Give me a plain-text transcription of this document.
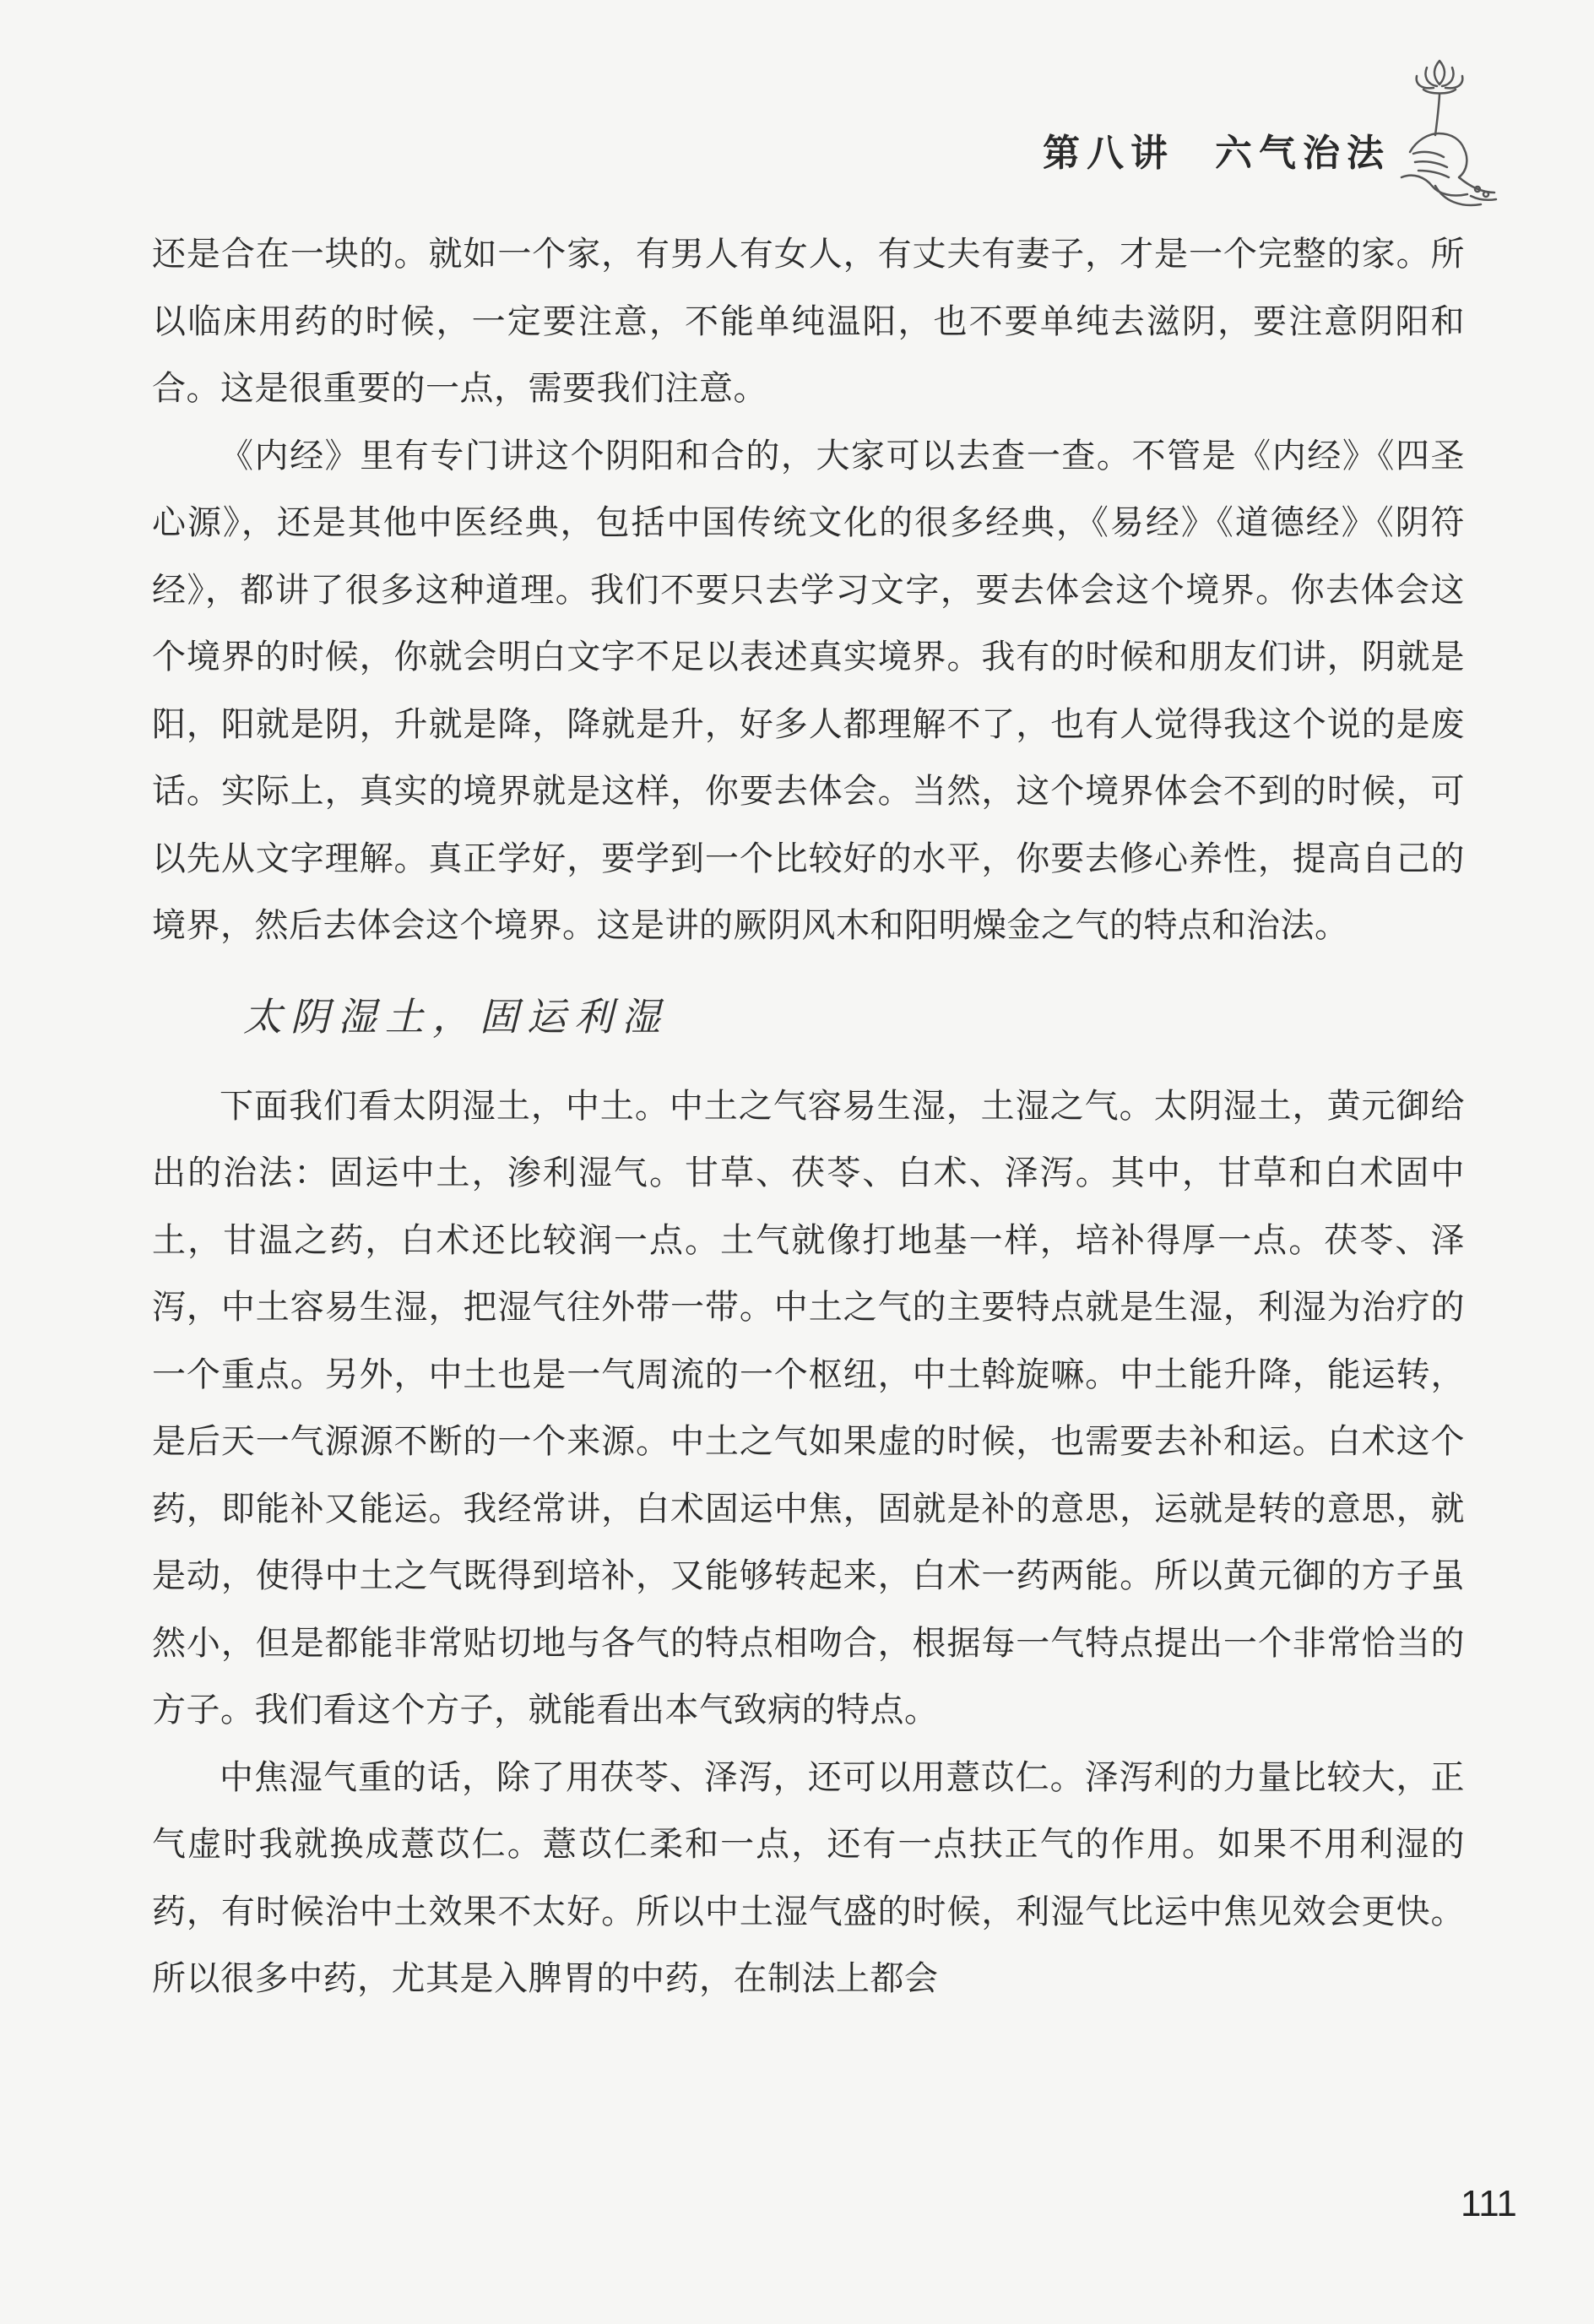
第八讲 六气治法

还是合在一块的。就如一个家，有男人有女人，有丈夫有妻子，才是一个完整的家。所以临床用药的时候，一定要注意，不能单纯温阳，也不要单纯去滋阴，要注意阴阳和合。这是很重要的一点，需要我们注意。

《内经》里有专门讲这个阴阳和合的，大家可以去查一查。不管是《内经》《四圣心源》，还是其他中医经典，包括中国传统文化的很多经典，《易经》《道德经》《阴符经》，都讲了很多这种道理。我们不要只去学习文字，要去体会这个境界。你去体会这个境界的时候，你就会明白文字不足以表述真实境界。我有的时候和朋友们讲，阴就是阳，阳就是阴，升就是降，降就是升，好多人都理解不了，也有人觉得我这个说的是废话。实际上，真实的境界就是这样，你要去体会。当然，这个境界体会不到的时候，可以先从文字理解。真正学好，要学到一个比较好的水平，你要去修心养性，提高自己的境界，然后去体会这个境界。这是讲的厥阴风木和阳明燥金之气的特点和治法。

太阴湿土，固运利湿

下面我们看太阴湿土，中土。中土之气容易生湿，土湿之气。太阴湿土，黄元御给出的治法：固运中土，渗利湿气。甘草、茯苓、白术、泽泻。其中，甘草和白术固中土，甘温之药，白术还比较润一点。土气就像打地基一样，培补得厚一点。茯苓、泽泻，中土容易生湿，把湿气往外带一带。中土之气的主要特点就是生湿，利湿为治疗的一个重点。另外，中土也是一气周流的一个枢纽，中土斡旋嘛。中土能升降，能运转，是后天一气源源不断的一个来源。中土之气如果虚的时候，也需要去补和运。白术这个药，即能补又能运。我经常讲，白术固运中焦，固就是补的意思，运就是转的意思，就是动，使得中土之气既得到培补，又能够转起来，白术一药两能。所以黄元御的方子虽然小，但是都能非常贴切地与各气的特点相吻合，根据每一气特点提出一个非常恰当的方子。我们看这个方子，就能看出本气致病的特点。

中焦湿气重的话，除了用茯苓、泽泻，还可以用薏苡仁。泽泻利的力量比较大，正气虚时我就换成薏苡仁。薏苡仁柔和一点，还有一点扶正气的作用。如果不用利湿的药，有时候治中土效果不太好。所以中土湿气盛的时候，利湿气比运中焦见效会更快。所以很多中药，尤其是入脾胃的中药，在制法上都会

111
